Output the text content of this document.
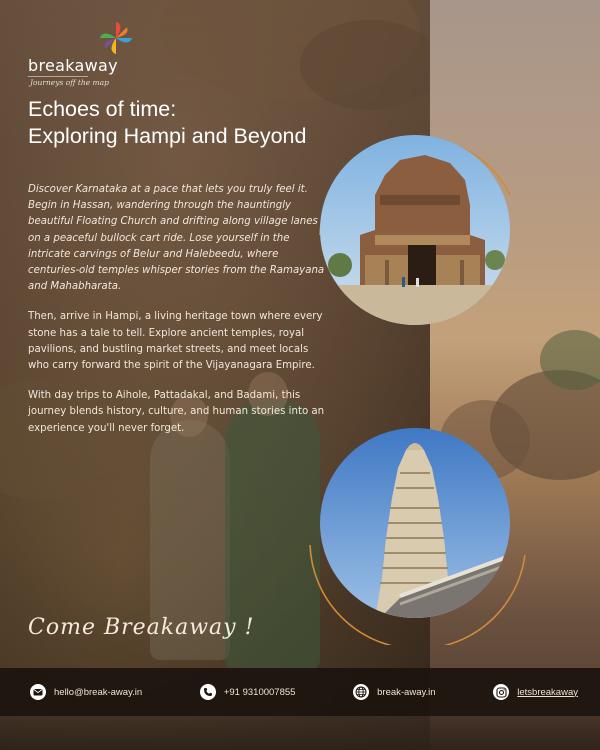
breakaway
Journeys off the map
Echoes of time:
Exploring Hampi and Beyond

Discover Karnataka at a pace that lets you truly feel it. Begin in Hassan, wandering through the hauntingly beautiful Floating Church and drifting along village lanes on a peaceful bullock cart ride. Lose yourself in the intricate carvings of Belur and Halebeedu, where centuries-old temples whisper stories from the Ramayana and Mahabharata.

Then, arrive in Hampi, a living heritage town where every stone has a tale to tell. Explore ancient temples, royal pavilions, and bustling market streets, and meet locals who carry forward the spirit of the Vijayanagara Empire.

With day trips to Aihole, Pattadakal, and Badami, this journey blends history, culture, and human stories into an experience you'll never forget.

Come Breakaway !
hello@break-away.in	+91 9310007855	break-away.in	letsbreakaway
